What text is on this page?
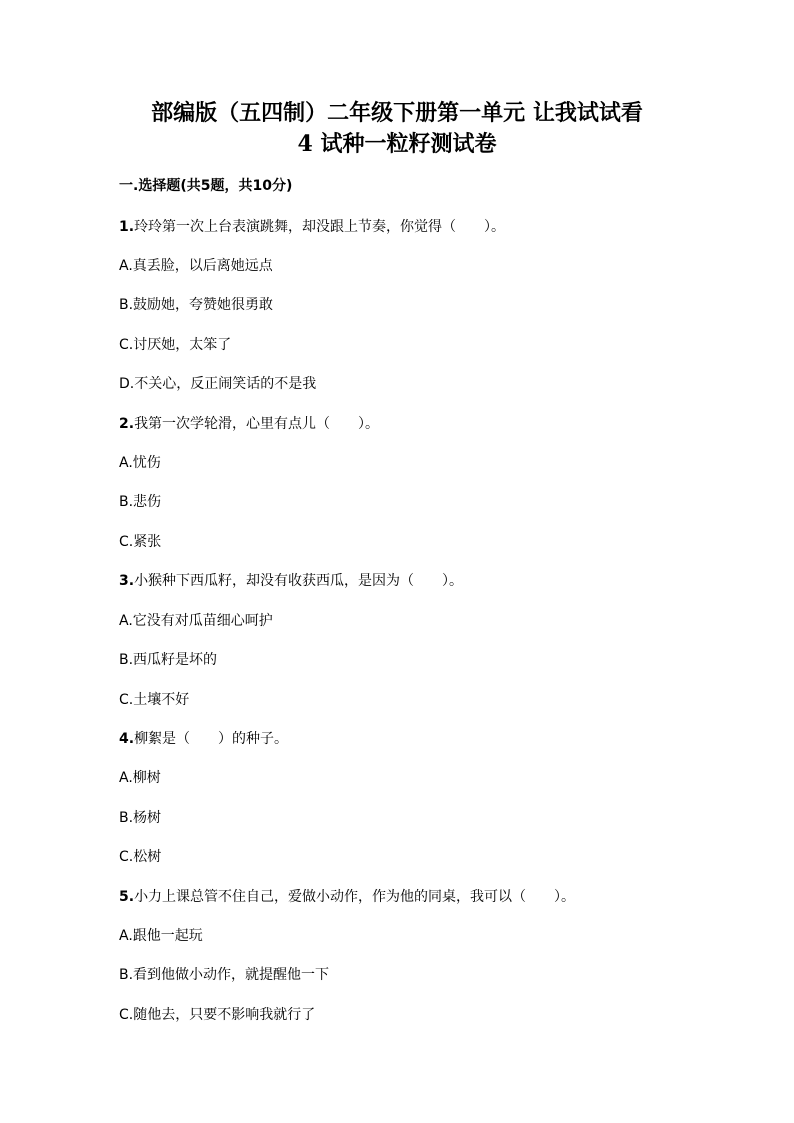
部编版（五四制）二年级下册第一单元 让我试试看
4 试种一粒籽测试卷
一.选择题(共5题，共10分)
1.玲玲第一次上台表演跳舞，却没跟上节奏，你觉得（　　）。
A.真丢脸，以后离她远点
B.鼓励她，夸赞她很勇敢
C.讨厌她，太笨了
D.不关心，反正闹笑话的不是我
2.我第一次学轮滑，心里有点儿（　　）。
A.忧伤
B.悲伤
C.紧张
3.小猴种下西瓜籽，却没有收获西瓜，是因为（　　）。
A.它没有对瓜苗细心呵护
B.西瓜籽是坏的
C.土壤不好
4.柳絮是（　　）的种子。
A.柳树
B.杨树
C.松树
5.小力上课总管不住自己，爱做小动作，作为他的同桌，我可以（　　）。
A.跟他一起玩
B.看到他做小动作，就提醒他一下
C.随他去，只要不影响我就行了
